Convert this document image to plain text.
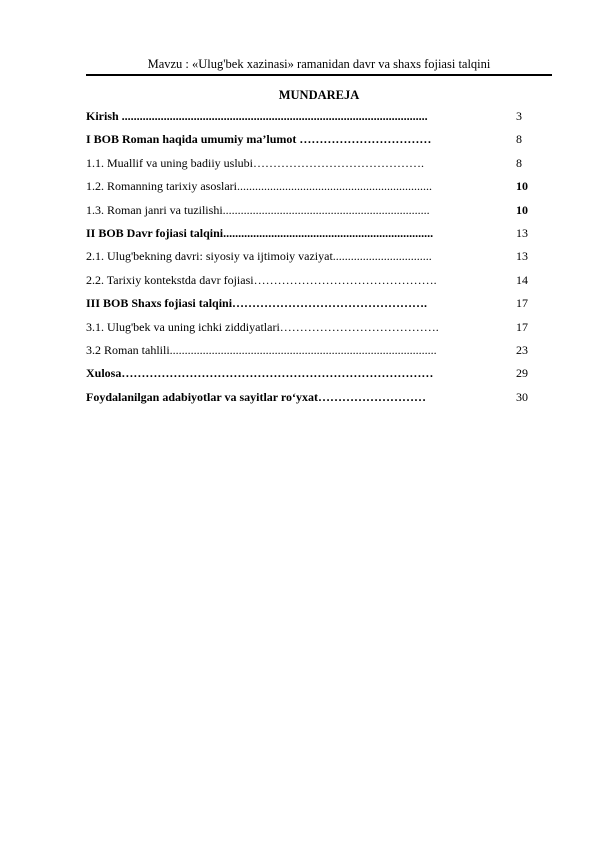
Mavzu : «Ulug'bek xazinasi» ramanidan davr va shaxs fojiasi talqini
MUNDAREJA
Kirish ......................................................................................................	3
I BOB Roman haqida umumiy ma’lumot ……………………………	8
1.1. Muallif va uning badiiy uslubi…………………………………….	8
1.2. Romanning tarixiy asoslari.................................................................	10
1.3. Roman janri va tuzilishi.....................................................................	10
II BOB Davr fojiasi talqini......................................................................	13
2.1. Ulug'bekning davri: siyosiy va ijtimoiy vaziyat.................................	13
2.2. Tarixiy kontekstda davr fojiasi……………………………………….	14
III BOB Shaxs fojiasi talqini………………………………………….	17
3.1. Ulug'bek va uning ichki ziddiyatlari………………………………….	17
3.2 Roman tahlili.........................................................................................	23
Xulosa……………………………………………………………………	29
Foydalanilgan adabiyotlar va sayitlar ro‘yxat………………………	30
